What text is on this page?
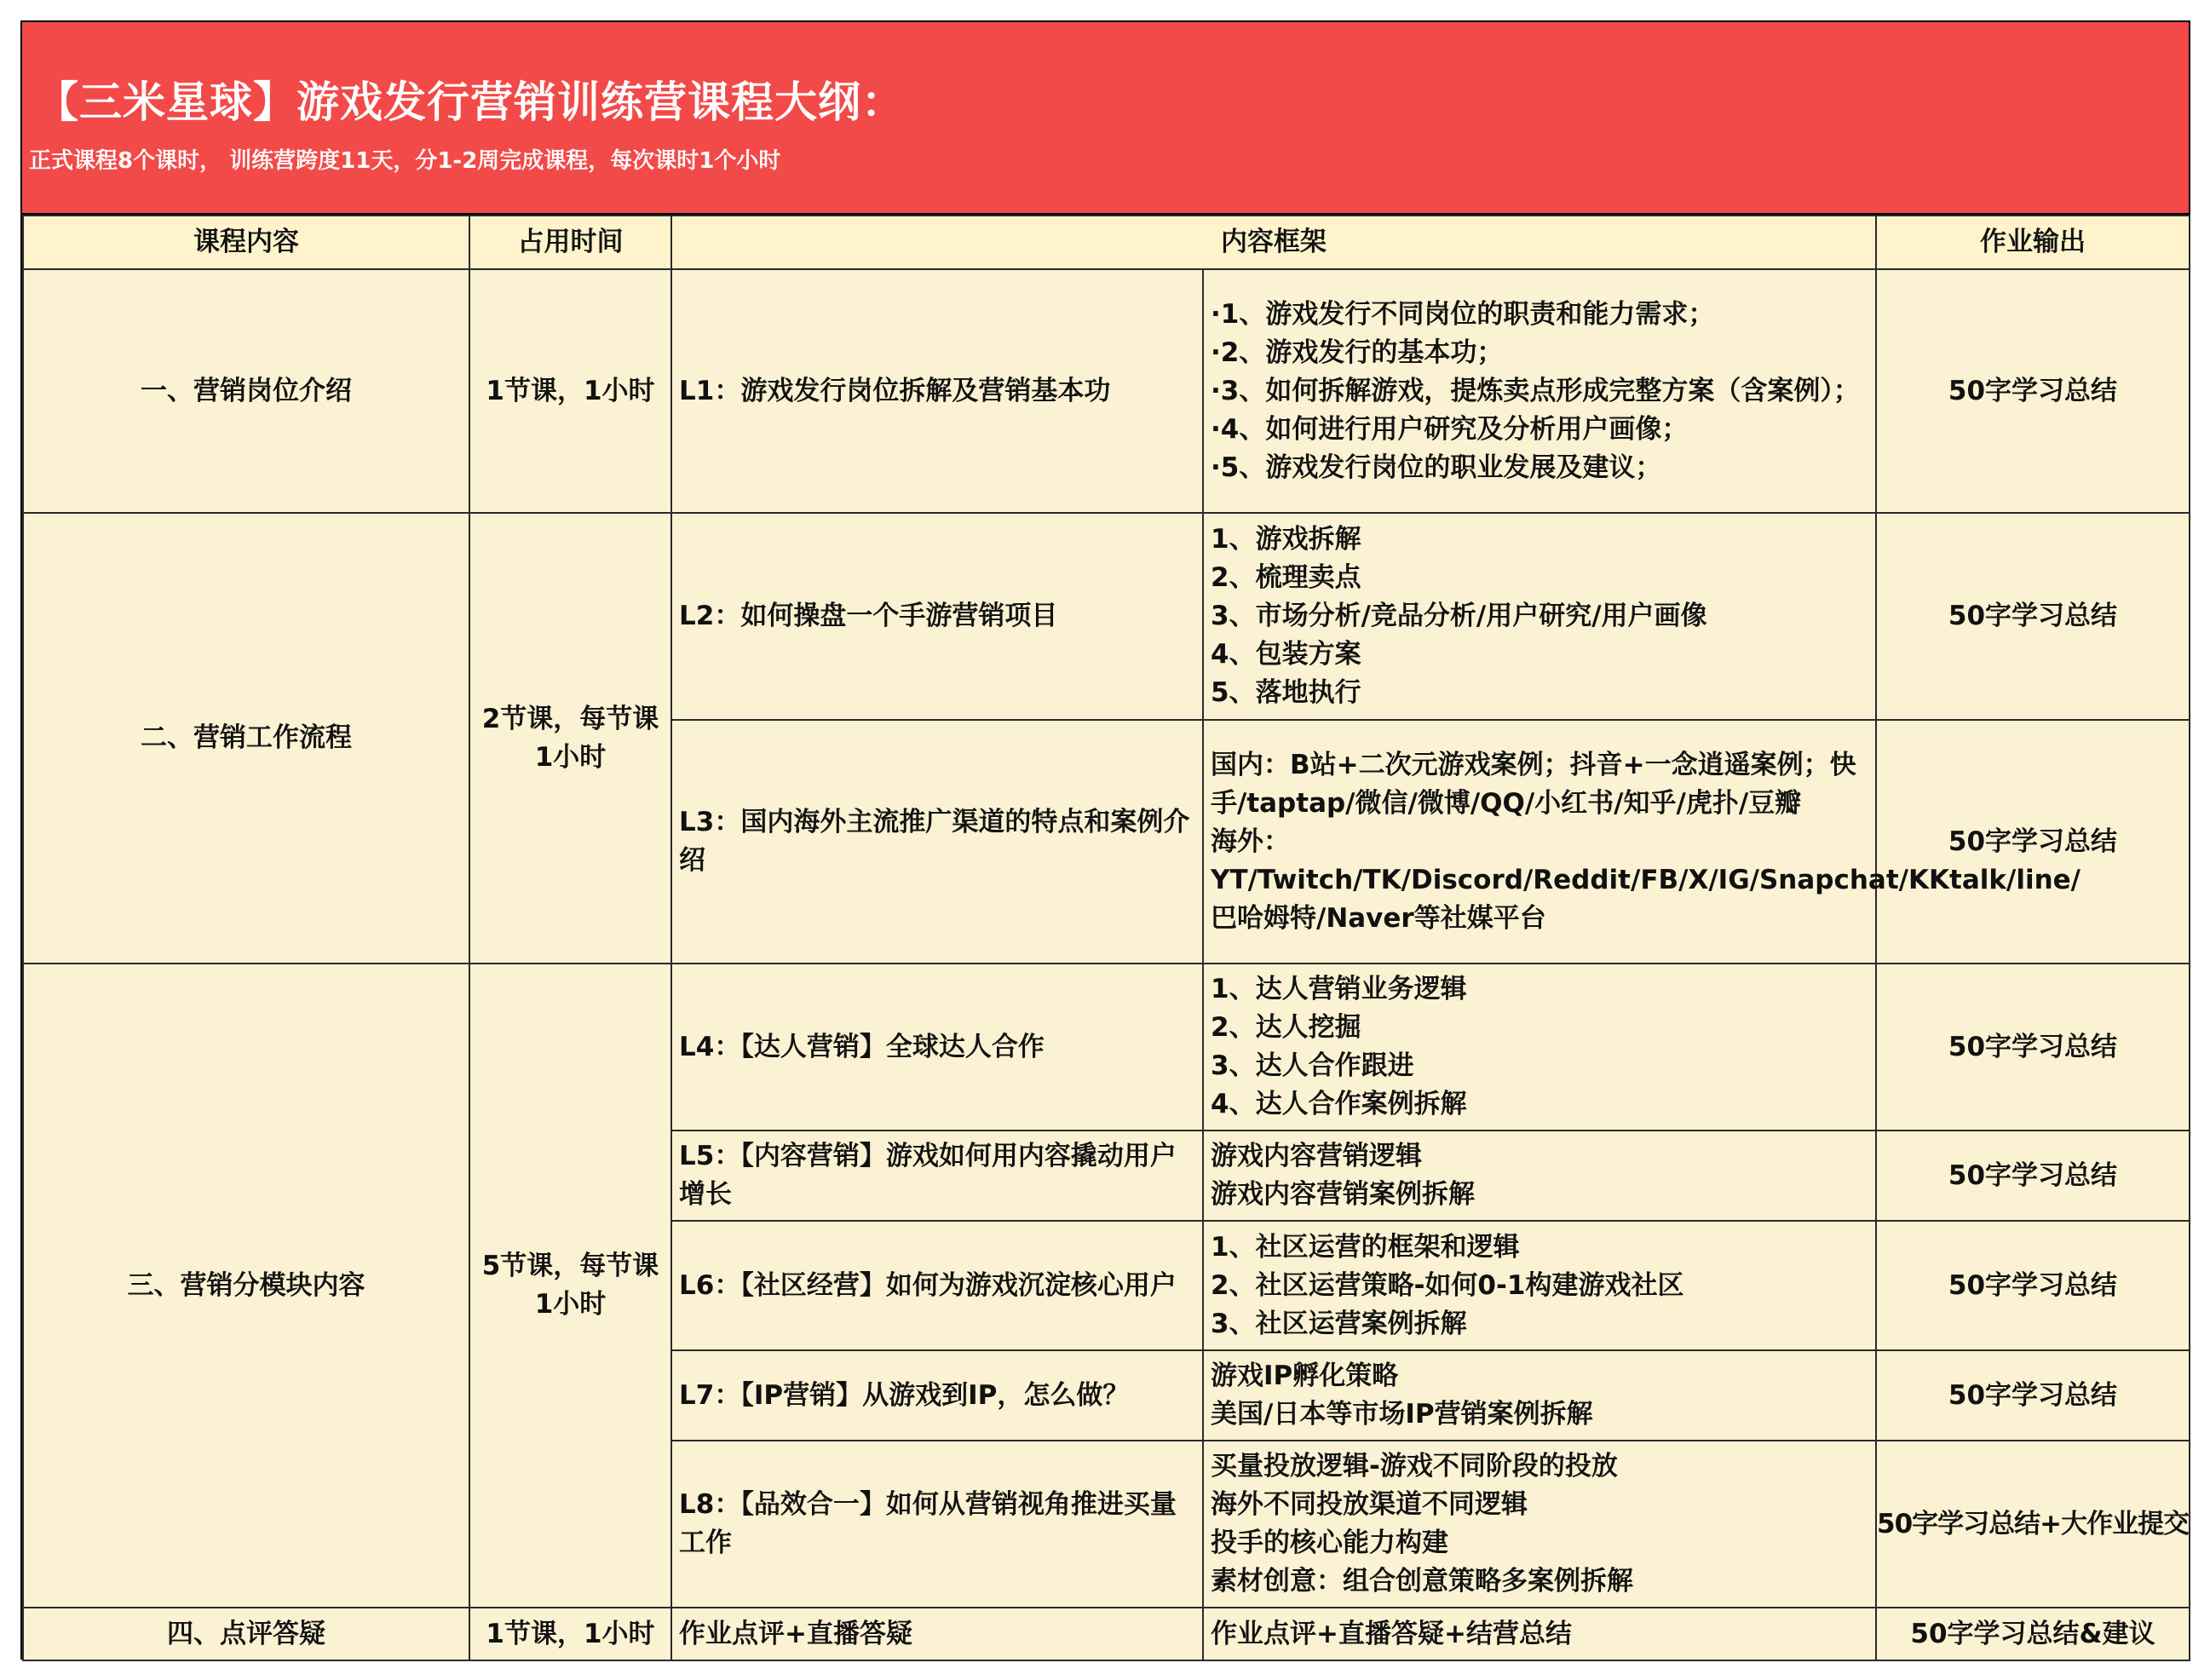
【三米星球】游戏发行营销训练营课程大纲：
正式课程8个课时， 训练营跨度11天，分1-2周完成课程，每次课时1个小时
课程内容	占用时间	内容框架		作业输出
一、营销岗位介绍	1节课，1小时	L1：游戏发行岗位拆解及营销基本功	·1、游戏发行不同岗位的职责和能力需求；
·2、游戏发行的基本功；
·3、如何拆解游戏，提炼卖点形成完整方案（含案例）；
·4、如何进行用户研究及分析用户画像；
·5、游戏发行岗位的职业发展及建议；	50字学习总结
二、营销工作流程	2节课，每节课1小时	L2：如何操盘一个手游营销项目	1、游戏拆解
2、梳理卖点
3、市场分析/竞品分析/用户研究/用户画像
4、包装方案
5、落地执行	50字学习总结
		L3：国内海外主流推广渠道的特点和案例介绍	国内：B站+二次元游戏案例；抖音+一念逍遥案例；快手/taptap/微信/微博/QQ/小红书/知乎/虎扑/豆瓣
海外：YT/Twitch/TK/Discord/Reddit/FB/X/IG/Snapchat/KKtalk/line/巴哈姆特/Naver等社媒平台	50字学习总结
三、营销分模块内容	5节课，每节课1小时	L4：【达人营销】全球达人合作	1、达人营销业务逻辑
2、达人挖掘
3、达人合作跟进
4、达人合作案例拆解	50字学习总结
		L5：【内容营销】游戏如何用内容撬动用户增长	游戏内容营销逻辑
游戏内容营销案例拆解	50字学习总结
		L6：【社区经营】如何为游戏沉淀核心用户	1、社区运营的框架和逻辑
2、社区运营策略-如何0-1构建游戏社区
3、社区运营案例拆解	50字学习总结
		L7：【IP营销】从游戏到IP，怎么做？	游戏IP孵化策略
美国/日本等市场IP营销案例拆解	50字学习总结
		L8：【品效合一】如何从营销视角推进买量工作	买量投放逻辑-游戏不同阶段的投放
海外不同投放渠道不同逻辑
投手的核心能力构建
素材创意：组合创意策略多案例拆解	50字学习总结+大作业提交
四、点评答疑	1节课，1小时	作业点评+直播答疑	作业点评+直播答疑+结营总结	50字学习总结&建议
